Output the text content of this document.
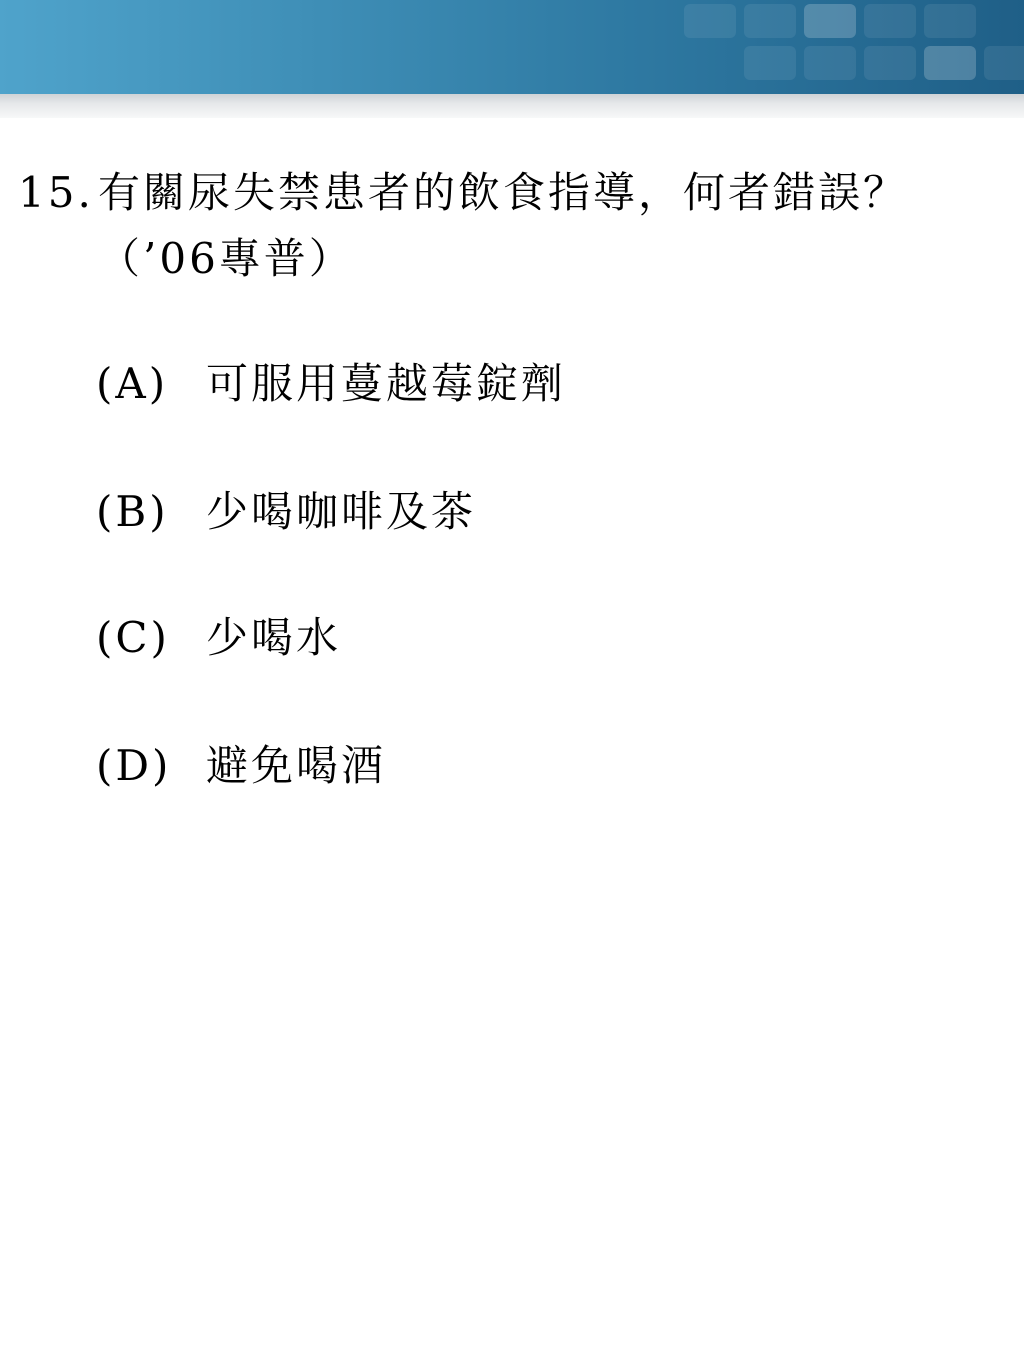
15. 有關尿失禁患者的飲食指導，何者錯誤？（’06專普）
(A) 可服用蔓越莓錠劑
(B) 少喝咖啡及茶
(C) 少喝水
(D) 避免喝酒
